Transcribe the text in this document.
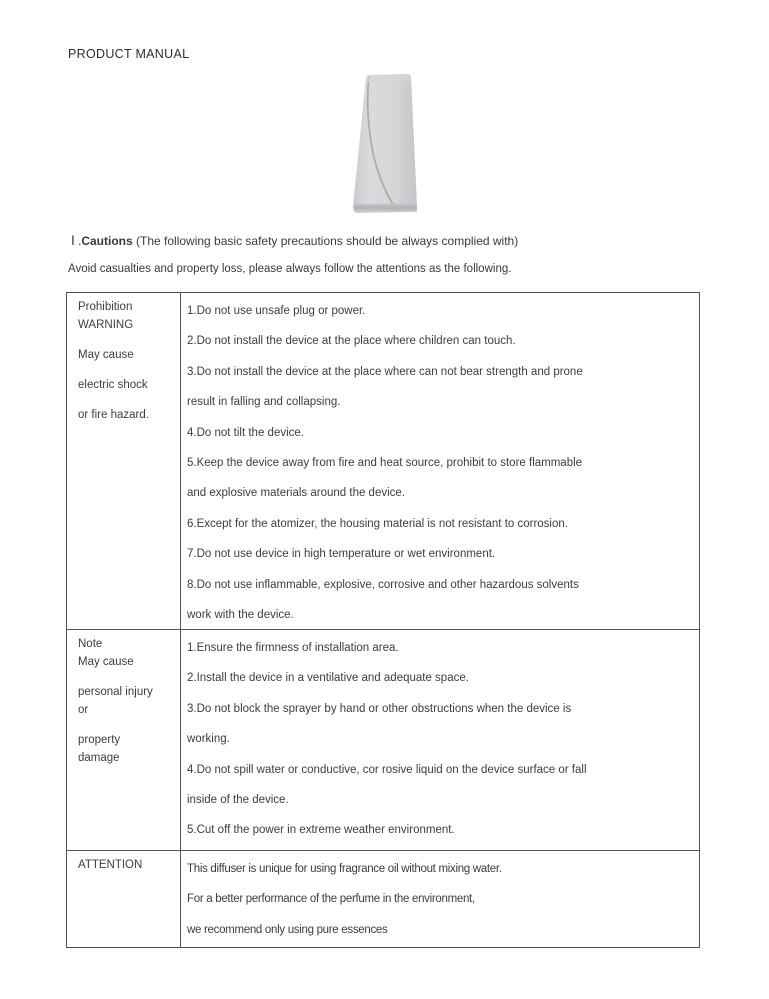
PRODUCT MANUAL
Ⅰ .Cautions (The following basic safety precautions should be always complied with)
Avoid casualties and property loss, please always follow the attentions as the following.
Prohibition
WARNING
May cause
electric shock
or fire hazard.
1.Do not use unsafe plug or power.
2.Do not install the device at the place where children can touch.
3.Do not install the device at the place where can not bear strength and prone
result in falling and collapsing.
4.Do not tilt the device.
5.Keep the device away from fire and heat source, prohibit to store flammable
and explosive materials around the device.
6.Except for the atomizer, the housing material is not resistant to corrosion.
7.Do not use device in high temperature or wet environment.
8.Do not use inflammable, explosive, corrosive and other hazardous solvents
work with the device.
Note
May cause
personal injury
or
property
damage
1.Ensure the firmness of installation area.
2.Install the device in a ventilative and adequate space.
3.Do not block the sprayer by hand or other obstructions when the device is
working.
4.Do not spill water or conductive, cor rosive liquid on the device surface or fall
inside of the device.
5.Cut off the power in extreme weather environment.
ATTENTION	This diffuser is unique for using fragrance oil without mixing water.
For a better performance of the perfume in the environment,
we recommend only using pure essences
